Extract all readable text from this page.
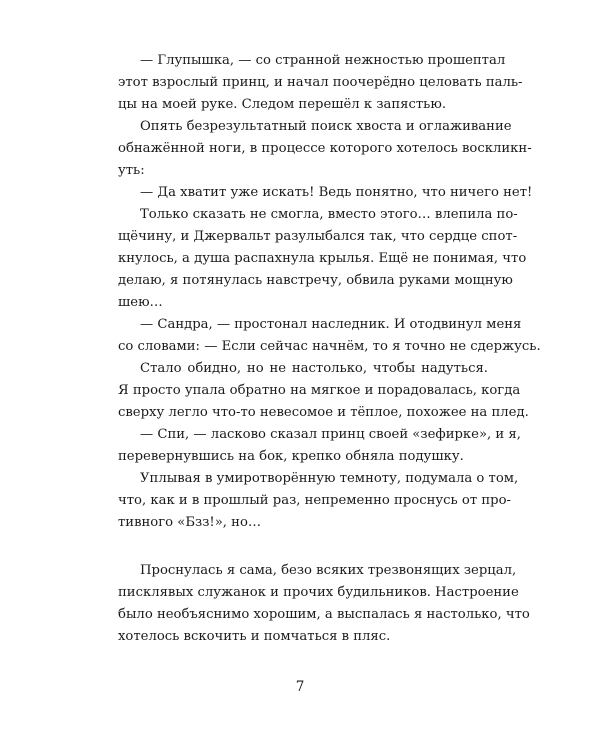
— Глупышка, — со странной нежностью прошептал
этот взрослый принц, и начал поочерёдно целовать паль-
цы на моей руке. Следом перешёл к запястью.
Опять безрезультатный поиск хвоста и оглаживание
обнажённой ноги, в процессе которого хотелось воскликн-
уть:
— Да хватит уже искать! Ведь понятно, что ничего нет!
Только сказать не смогла, вместо этого… влепила по-
щёчину, и Джервальт разулыбался так, что сердце спот-
кнулось, а душа распахнула крылья. Ещё не понимая, что
делаю, я потянулась навстречу, обвила руками мощную
шею…
— Сандра, — простонал наследник. И отодвинул меня
со словами: — Если сейчас начнём, то я точно не сдержусь.
Стало обидно, но не настолько, чтобы надуться.
Я просто упала обратно на мягкое и порадовалась, когда
сверху легло что-то невесомое и тёплое, похожее на плед.
— Спи, — ласково сказал принц своей «зефирке», и я,
перевернувшись на бок, крепко обняла подушку.
Уплывая в умиротворённую темноту, подумала о том,
что, как и в прошлый раз, непременно проснусь от про-
тивного «Бзз!», но…
Проснулась я сама, безо всяких трезвонящих зерцал,
писклявых служанок и прочих будильников. Настроение
было необъяснимо хорошим, а выспалась я настолько, что
хотелось вскочить и помчаться в пляс.
7
